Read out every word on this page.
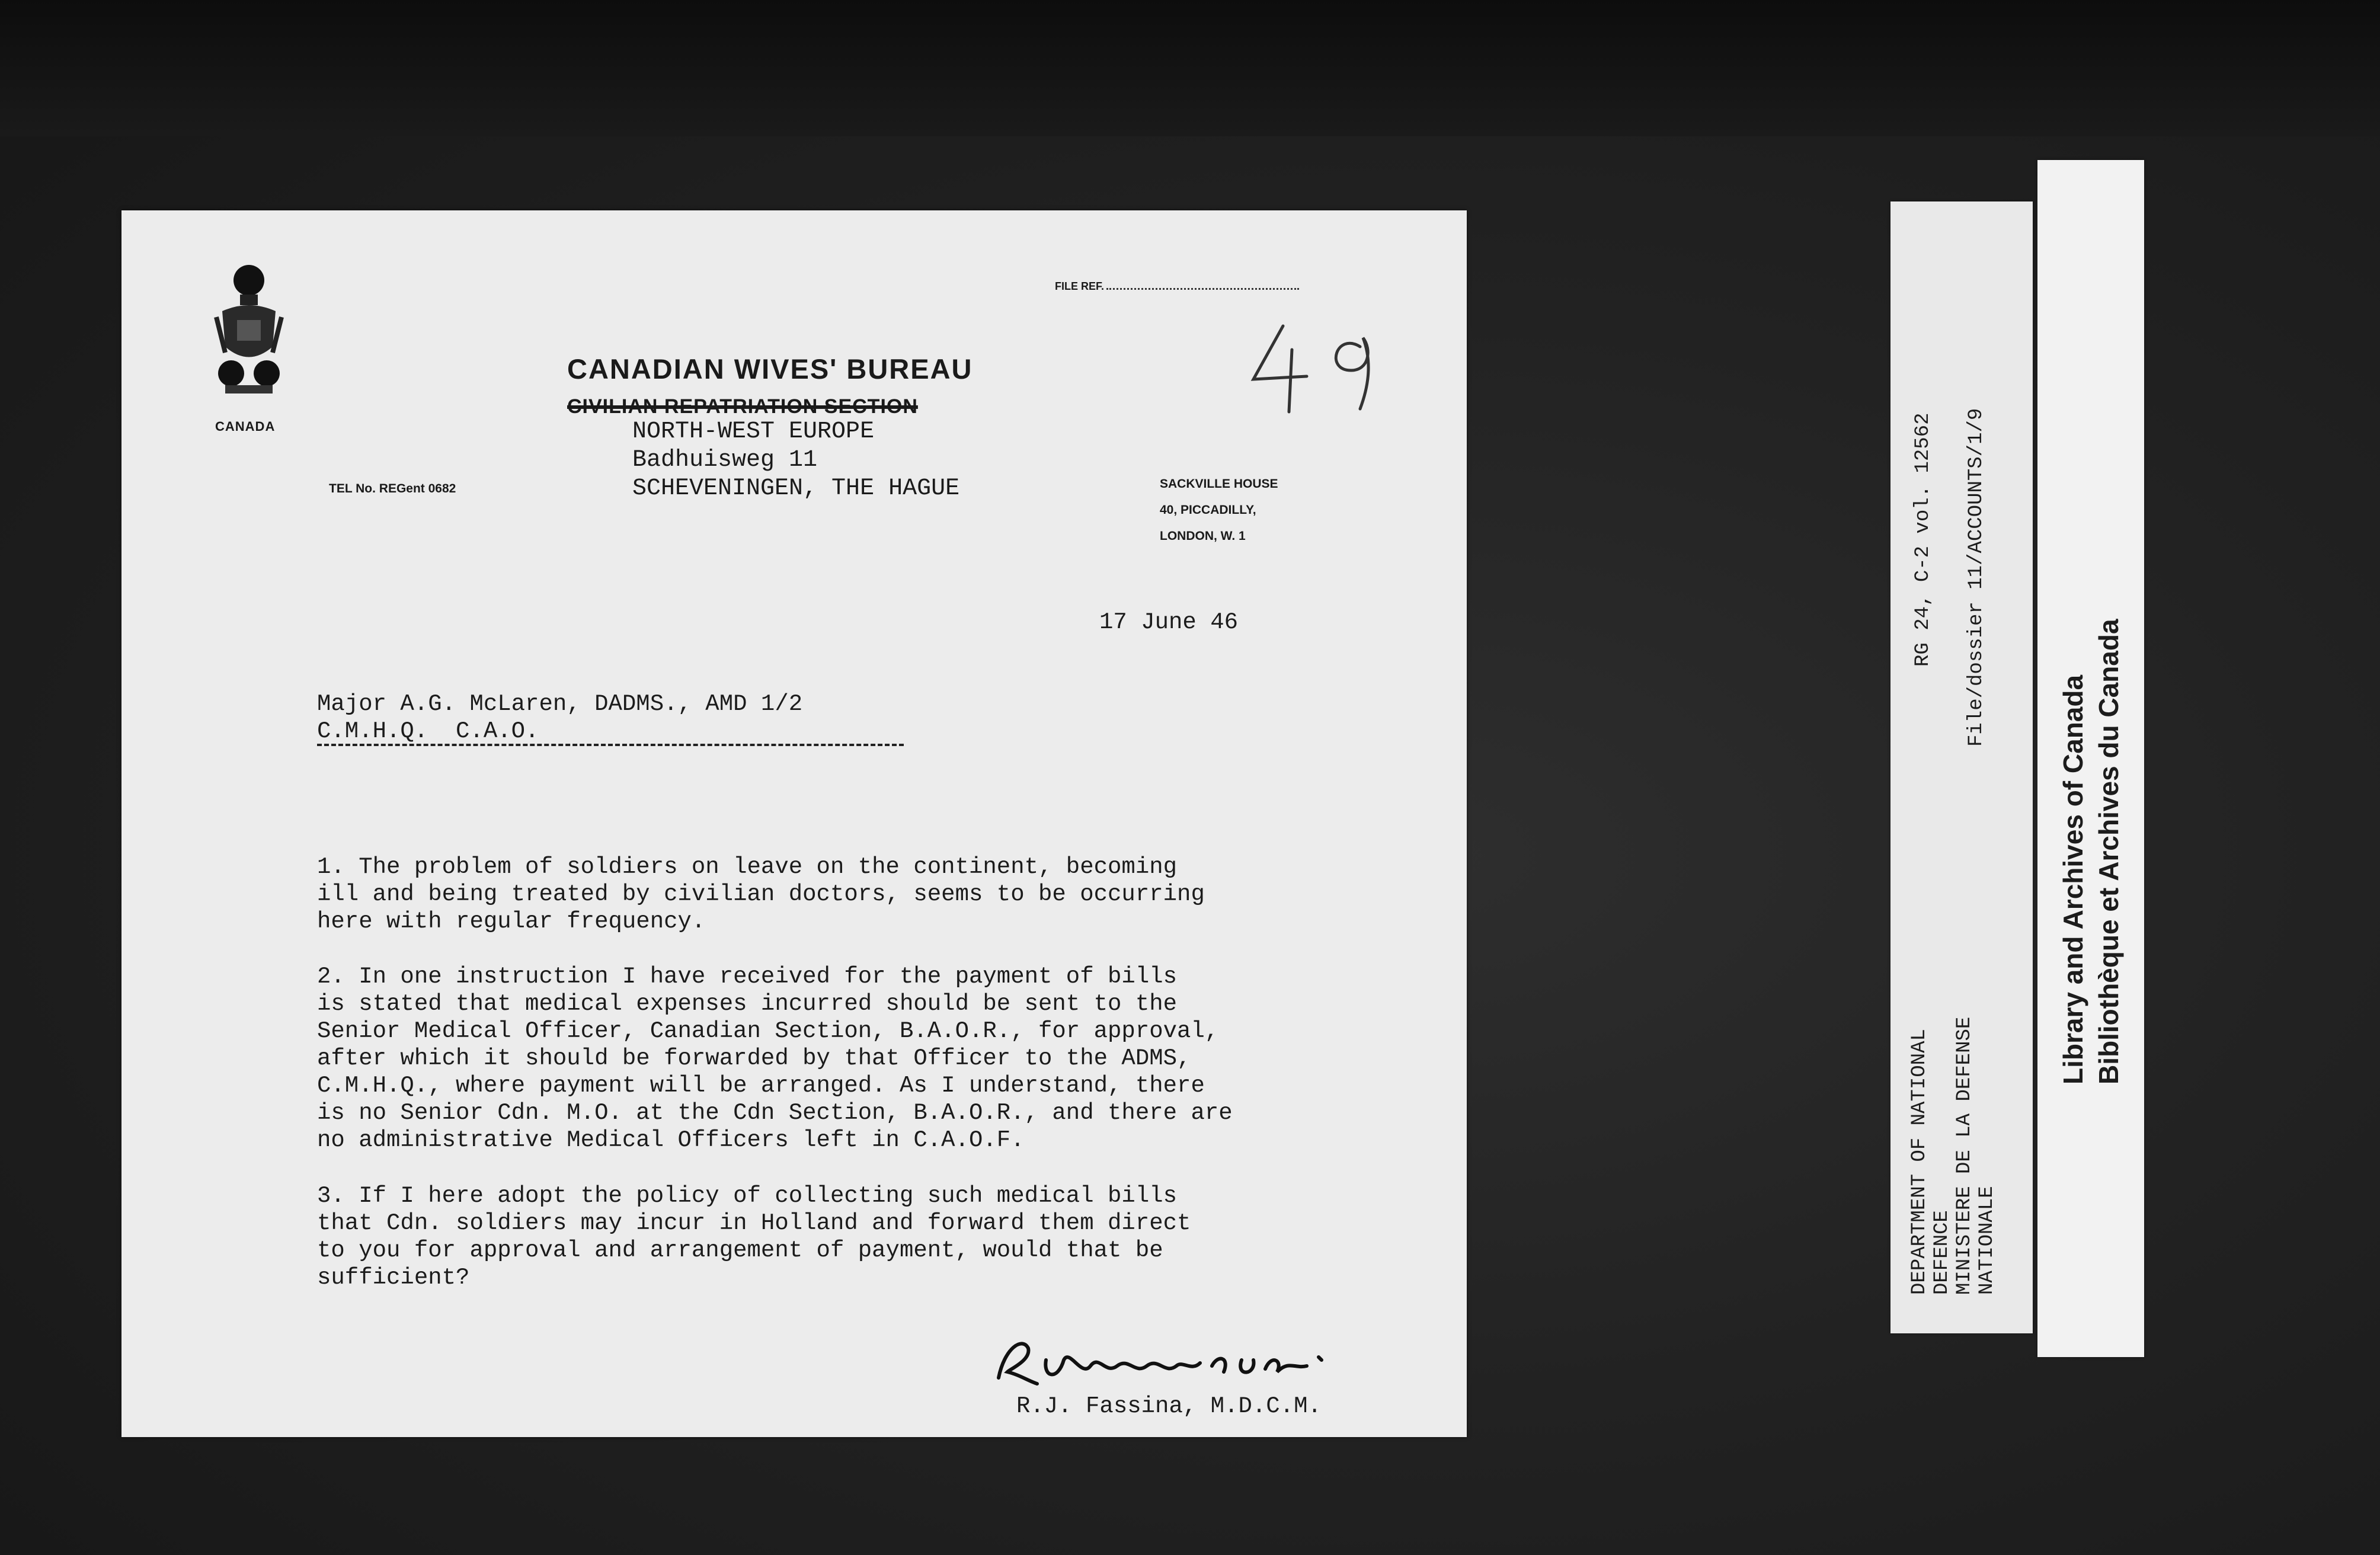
CANADA
TEL No. REGent 0682
FILE REF.
CANADIAN WIVES' BUREAU
CIVILIAN REPATRIATION SECTION
NORTH-WEST EUROPE
Badhuisweg 11
SCHEVENINGEN, THE HAGUE
49
SACKVILLE HOUSE
40, PICCADILLY,
LONDON, W. 1
17 June 46
Major A.G. McLaren, DADMS., AMD 1/2
C.M.H.Q.  C.A.O.
1. The problem of soldiers on leave on the continent, becoming
ill and being treated by civilian doctors, seems to be occurring
here with regular frequency.
2. In one instruction I have received for the payment of bills
is stated that medical expenses incurred should be sent to the
Senior Medical Officer, Canadian Section, B.A.O.R., for approval,
after which it should be forwarded by that Officer to the ADMS,
C.M.H.Q., where payment will be arranged. As I understand, there
is no Senior Cdn. M.O. at the Cdn Section, B.A.O.R., and there are
no administrative Medical Officers left in C.A.O.F.
3. If I here adopt the policy of collecting such medical bills
that Cdn. soldiers may incur in Holland and forward them direct
to you for approval and arrangement of payment, would that be
sufficient?
R.J. Fassina, M.D.C.M.
RG 24, C-2 vol. 12562 File/dossier 11/ACCOUNTS/1/9
DEPARTMENT OF NATIONAL
DEFENCE
MINISTERE DE LA DEFENSE
NATIONALE
Library and Archives of Canada
Bibliothèque et Archives du Canada
